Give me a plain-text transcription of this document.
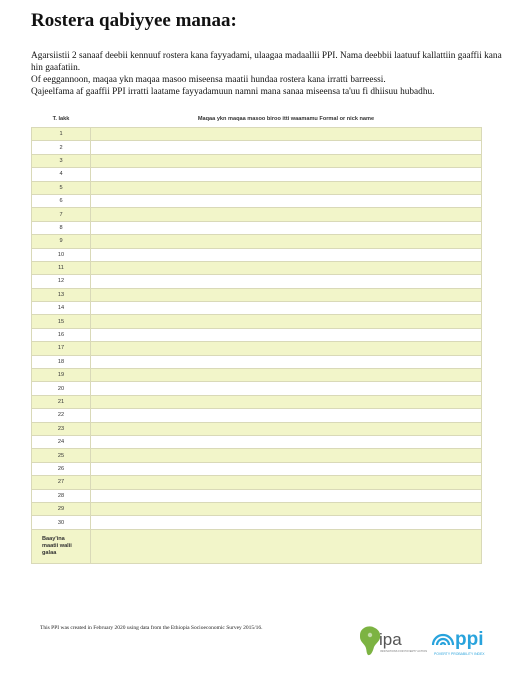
Rostera qabiyyee manaa:

Agarsiistii 2 sanaaf deebii kennuuf rostera kana fayyadami, ulaagaa madaallii PPI. Nama deebbii laatuuf kallattiin gaaffii kana hin gaafatiin.

Of eeggannoon, maqaa ykn maqaa masoo miseensa maatii hundaa rostera kana irratti barreessi.

Qajeelfama af gaaffii PPI irratti laatame fayyadamuun namni mana sanaa miseensa ta'uu fi dhiisuu hubadhu.

T. lakk	Maqaa ykn maqaa masoo biroo itti waamamu Formal or nick name
1	
2	
3	
4	
5	
6	
7	
8	
9	
10	
11	
12	
13	
14	
15	
16	
17	
18	
19	
20	
21	
22	
23	
24	
25	
26	
27	
28	
29	
30	
Baay'ina
maatii walii
galaa	
This PPI was created in February 2020 using data from the Ethiopia Socioeconomic Survey 2015/16.
ipa
INNOVATIONS FOR POVERTY ACTION
ppi
POVERTY PROBABILITY INDEX
